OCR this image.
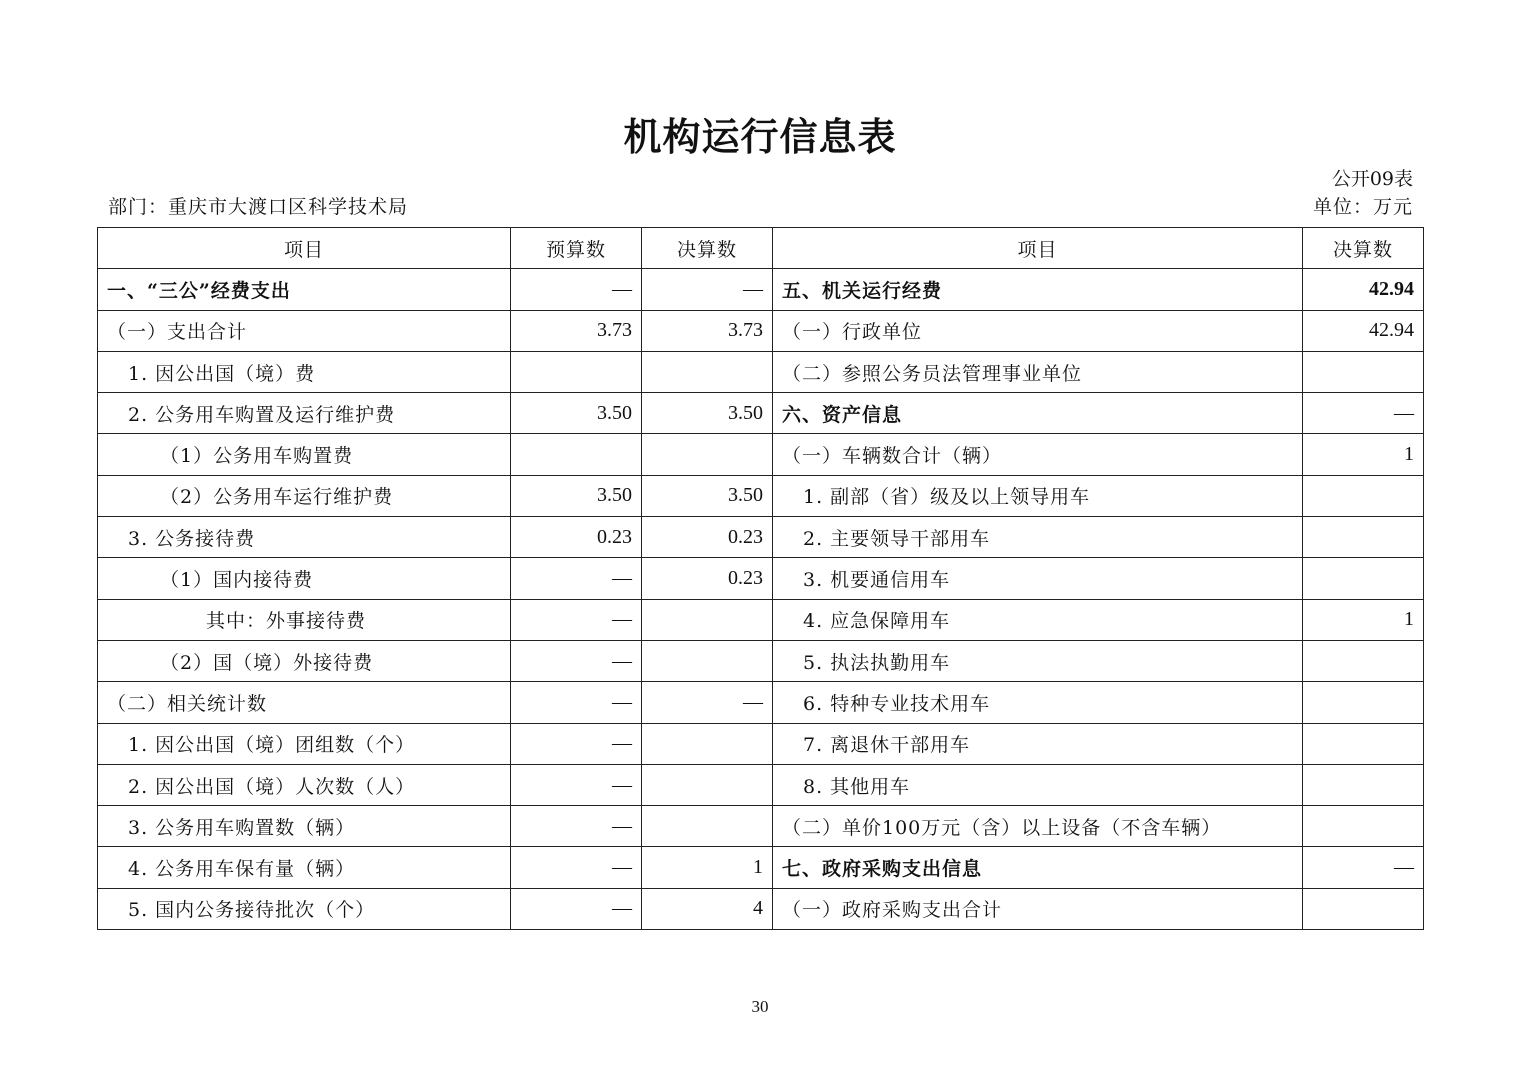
机构运行信息表
公开09表
部门：重庆市大渡口区科学技术局	单位：万元
项目	预算数	决算数	项目	决算数
一、“三公”经费支出	—	—	五、机关运行经费	42.94
（一）支出合计	3.73	3.73	（一）行政单位	42.94
1. 因公出国（境）费			（二）参照公务员法管理事业单位	
2. 公务用车购置及运行维护费	3.50	3.50	六、资产信息	—
（1）公务用车购置费			（一）车辆数合计（辆）	1
（2）公务用车运行维护费	3.50	3.50	1. 副部（省）级及以上领导用车	
3. 公务接待费	0.23	0.23	2. 主要领导干部用车	
（1）国内接待费	—	0.23	3. 机要通信用车	
其中：外事接待费	—		4. 应急保障用车	1
（2）国（境）外接待费	—		5. 执法执勤用车	
（二）相关统计数	—	—	6. 特种专业技术用车	
1. 因公出国（境）团组数（个）	—		7. 离退休干部用车	
2. 因公出国（境）人次数（人）	—		8. 其他用车	
3. 公务用车购置数（辆）	—		（二）单价100万元（含）以上设备（不含车辆）	
4. 公务用车保有量（辆）	—	1	七、政府采购支出信息	—
5. 国内公务接待批次（个）	—	4	（一）政府采购支出合计	
30
